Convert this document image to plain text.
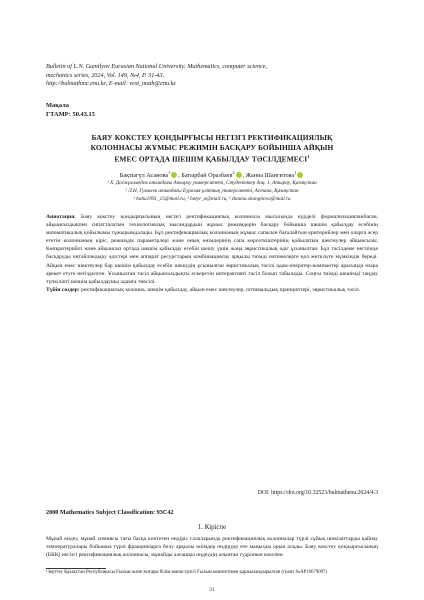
Bulletin of L.N. Gumilyov Eurasian National University. Mathematics, computer science,
mechanics series, 2024, Vol. 149, №4, P. 31-43.
http://bulmathmc.enu.kz, E-mail: vest_math@enu.kz
Мақала
ГТАМР: 50.43.15
БАЯУ КОКСТЕУ ҚОНДЫРҒЫСЫ НЕГІЗГІ РЕКТИФИКАЦИЯЛЫҚ
КОЛОННАСЫ ЖҰМЫС РЕЖИМІН БАСҚАРУ БОЙЫНША АЙҚЫН
ЕМЕС ОРТАДА ШЕШІМ ҚАБЫЛДАУ ТӘСІЛДЕМЕСІ$^1$
Бақтыгүл Асанова$^1$ , Батырбай Оразбаев$^2$ , Жанна Шангитова$^1$
¹ Х. Досмұхамедов атындағы Атырау университеті, Студенттер даң. 1, Атырау, Қазақстан
² Л.Н. Гумилев атындағы Еуразия ұлттық университеті, Астана, Қазақстан
¹ baha1991_15@mail.ru, ² batyr_o@mail.ru, ³ zhanna.shangitova@mail.ru
Аннотация. Баяу кокстеу қондырғысының негізгі ректификациялық колоннасы мысалында күрделі формализацияланбаған, айқынсыздықпен сипатталатын технологиялық нысандардың жұмыс режимдерін басқару бойынша шешім қабылдау есебінің математикалық қойылымы тұжырымдалады. Бұл ректификациялық колоннаның жұмыс сапасын бағалайтын критерийлер мен оларға әсер ететін колоннаның кіріс, режимдік параметрлері және оның өнімдерінің сапа көрсеткіштерінің қойылатын шектеулер айқынсызы. Көпкритерийлі және айқынсыз ортада шешім қабылдау есебін шешу үшін жаңа эвристикалық әдіс ұсынылған. Бұл тәсілдеме негізінде басқаруды оңтайландыру әдістері мен аппарат ресурстарын комбинациялау арқылы тиімді нәтижелерге қол жеткізуге мүмкіндік береді. Айқын емес шектеулер бар шешім қабылдау есебін шешудің ұсынылған эвристикалық тәсілі адам-оператор-компьютер арасында өзара әрекет етуге негізделген. Ұсынылған тәсіл айқынсыздықты ескеретін интерактивті тәсіл болып табылады. Соңғы тиімді шешімді таңдау түпкілікті шешім қабылдаушы адамға тиесілі.
Түйін сөздер: ректификациялық колонна, шешім қабылдау, айқын емес шектеулер, оптимальдық принциптері, эвристикалық тәсіл.
DOI: https://doi.org/10.32523/bulmathenu.2024/4.3
2000 Mathematics Subject Classification: 93C42
1. Кіріспе
Мұнай өндеу, мұнай химиясы тағы басқа көптеген өндіріс салаларында ректификациялық колонналар түрлі сұйық шикізаттарды қайнау температуралары бойынша түрлі фракцияларға бөлу арқылы өнімдер өндіруде өте маңызды орын алады. Баяу кокстеу қондырғысының (БКҚ) негізгі ректификациялық колоннасы, мұнайды алғашқы өңдеудің алынған гудронын кокспен
¹Зерттеу Қазақстан Республикасы Ғылым және жоғары білім министрлігі Ғылым комитетімен қаржыландырылған (грант №AP19679097)
31
